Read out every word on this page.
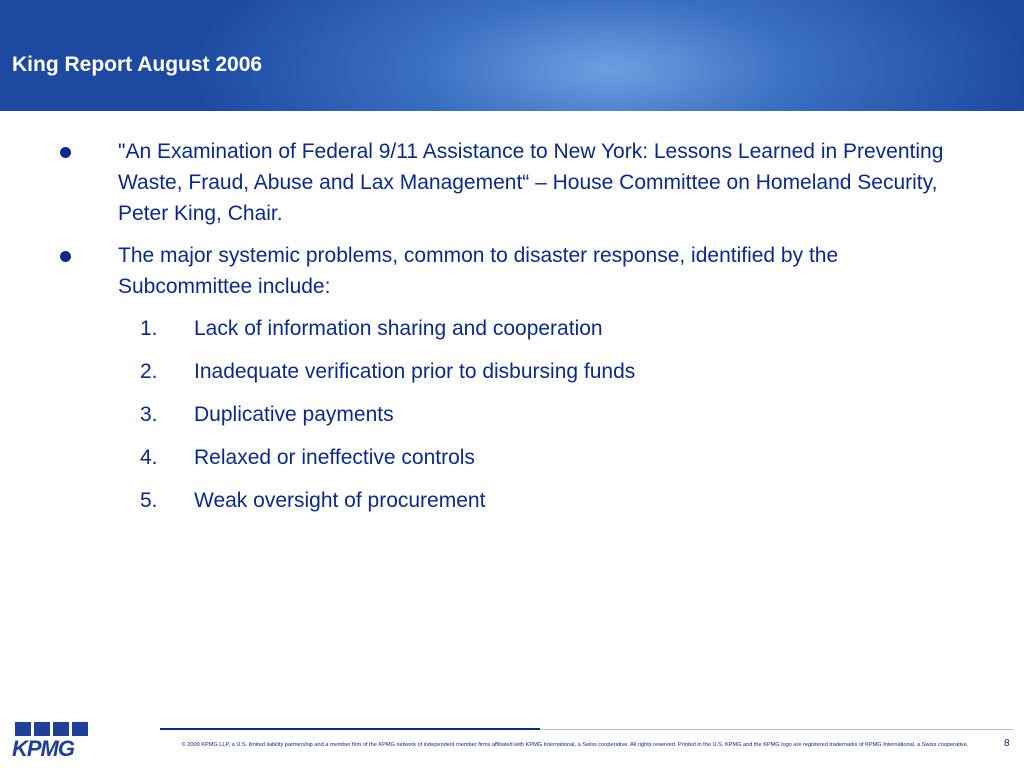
King Report August 2006
"An Examination of Federal 9/11 Assistance to New York: Lessons Learned in Preventing Waste, Fraud, Abuse and Lax Management“ – House Committee on Homeland Security, Peter King, Chair.
The major systemic problems, common to disaster response, identified by the Subcommittee include:
1. Lack of information sharing and cooperation
2. Inadequate verification prior to disbursing funds
3. Duplicative payments
4. Relaxed or ineffective controls
5. Weak oversight of procurement
KPMG	© 2009 KPMG LLP, a U.S. limited liability partnership and a member firm of the KPMG network of independent member firms affiliated with KPMG International, a Swiss cooperative. All rights reserved. Printed in the U.S. KPMG and the KPMG logo are registered trademarks of KPMG International, a Swiss cooperative.	8
